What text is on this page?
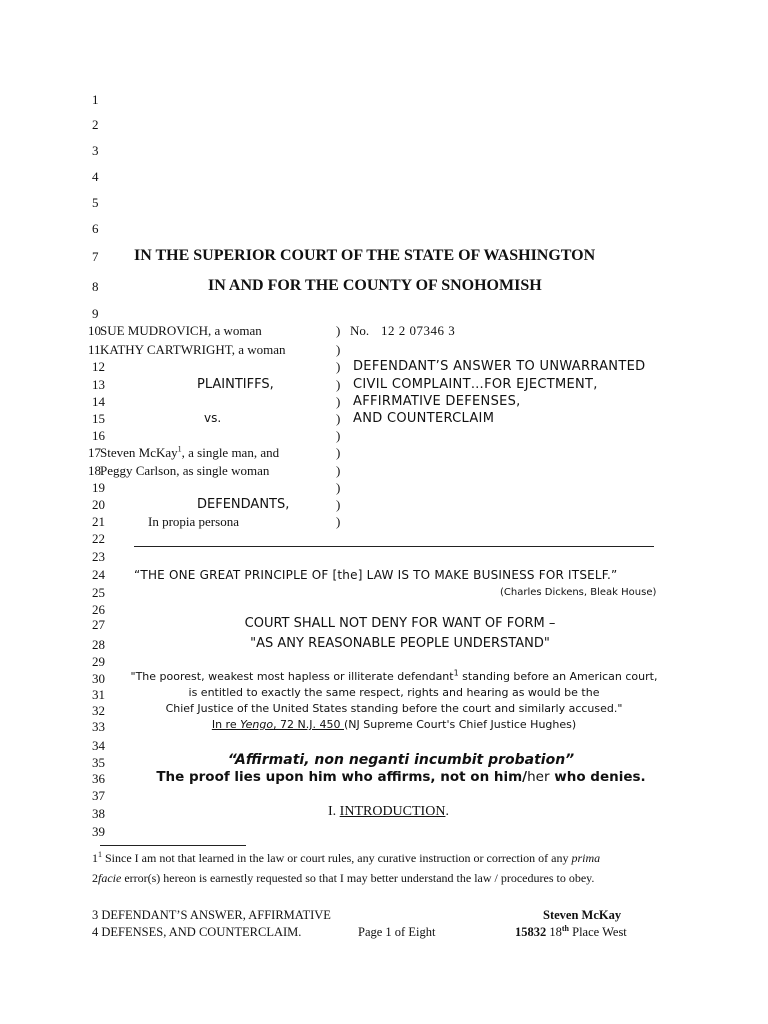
1
2
3
4
5
6
7
8
9
IN THE SUPERIOR COURT OF THE STATE OF WASHINGTON
IN AND FOR THE COUNTY OF SNOHOMISH
10 SUE MUDROVICH, a woman	) No. 12 2 07346 3
11 KATHY CARTWRIGHT, a woman	)
12	) DEFENDANT’S ANSWER TO UNWARRANTED
13	PLAINTIFFS,	) CIVIL COMPLAINT…FOR EJECTMENT,
14	) AFFIRMATIVE DEFENSES,
15	vs.	) AND COUNTERCLAIM
16	)
17 Steven McKay$^1$, a single man, and	)
18 Peggy Carlson, as single woman	)
19	)
20	DEFENDANTS,	)
21	In propia persona	)
22
23
24 “THE ONE GREAT PRINCIPLE OF [the] LAW IS TO MAKE BUSINESS FOR ITSELF.”
25	(Charles Dickens, Bleak House)
26
27	COURT SHALL NOT DENY FOR WANT OF FORM –
28	"AS ANY REASONABLE PEOPLE UNDERSTAND"
29
30	"The poorest, weakest most hapless or illiterate defendant$^1$ standing before an American court,
31	is entitled to exactly the same respect, rights and hearing as would be the
32	Chief Justice of the United States standing before the court and similarly accused."
33	In re Yengo, 72 N.J. 450 (NJ Supreme Court's Chief Justice Hughes)
34
35	“Affirmati, non neganti incumbit probation”
36	The proof lies upon him who affirms, not on him/her who denies.
37
38	I. INTRODUCTION.
39
$1^1$ Since I am not that learned in the law or court rules, any curative instruction or correction of any prima
2facie error(s) hereon is earnestly requested so that I may better understand the law / procedures to obey.
3 DEFENDANT’S ANSWER, AFFIRMATIVE
4 DEFENSES, AND COUNTERCLAIM.	Page 1 of Eight
Steven McKay
15832 18th Place West
